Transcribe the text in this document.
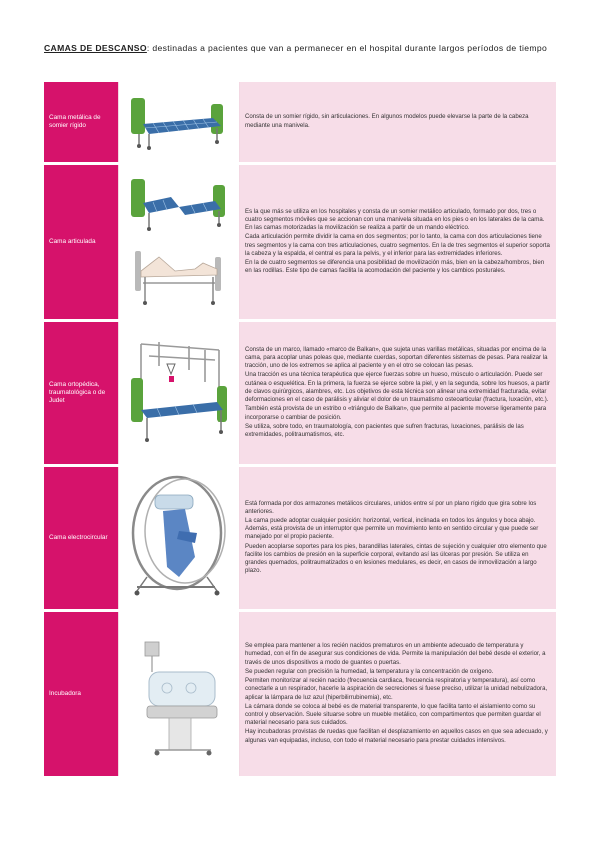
CAMAS DE DESCANSO: destinadas a pacientes que van a permanecer en el hospital durante largos períodos de tiempo
Cama metálica de somier rígido

Consta de un somier rígido, sin articulaciones. En algunos modelos puede elevarse la parte de la cabeza mediante una manivela.

Cama articulada

Es la que más se utiliza en los hospitales y consta de un somier metálico articulado, formado por dos, tres o cuatro segmentos móviles que se accionan con una manivela situada en los pies o en los laterales de la cama. En las camas motorizadas la movilización se realiza a partir de un mando eléctrico.

Cada articulación permite dividir la cama en dos segmentos; por lo tanto, la cama con dos articulaciones tiene tres segmentos y la cama con tres articulaciones, cuatro segmentos. En la de tres segmentos el superior soporta la cabeza y la espalda, el central es para la pelvis, y el inferior para las extremidades inferiores.

En la de cuatro segmentos se diferencia una posibilidad de movilización más, bien en la cabeza/hombros, bien en las rodillas. Este tipo de camas facilita la acomodación del paciente y los cambios posturales.

Cama ortopédica, traumatológica o de Judet

Consta de un marco, llamado «marco de Balkan», que sujeta unas varillas metálicas, situadas por encima de la cama, para acoplar unas poleas que, mediante cuerdas, soportan diferentes sistemas de pesas. Para realizar la tracción, uno de los extremos se aplica al paciente y en el otro se colocan las pesas.

Una tracción es una técnica terapéutica que ejerce fuerzas sobre un hueso, músculo o articulación. Puede ser cutánea o esquelética. En la primera, la fuerza se ejerce sobre la piel, y en la segunda, sobre los huesos, a partir de clavos quirúrgicos, alambres, etc. Los objetivos de esta técnica son alinear una extremidad fracturada, evitar deformaciones en el caso de parálisis y aliviar el dolor de un traumatismo osteoarticular (fractura, luxación, etc.).

También está provista de un estribo o «triángulo de Balkan», que permite al paciente moverse ligeramente para incorporarse o cambiar de posición.

Se utiliza, sobre todo, en traumatología, con pacientes que sufren fracturas, luxaciones, parálisis de las extremidades, politraumatismos, etc.

Cama electrocircular

Está formada por dos armazones metálicos circulares, unidos entre sí por un plano rígido que gira sobre los anteriores.

La cama puede adoptar cualquier posición: horizontal, vertical, inclinada en todos los ángulos y boca abajo. Además, está provista de un interruptor que permite un movimiento lento en sentido circular y que puede ser manejado por el propio paciente.

Pueden acoplarse soportes para los pies, barandillas laterales, cintas de sujeción y cualquier otro elemento que facilite los cambios de presión en la superficie corporal, evitando así las úlceras por presión. Se utiliza en grandes quemados, politraumatizados o en lesiones medulares, es decir, en casos de inmovilización a largo plazo.

Incubadora

Se emplea para mantener a los recién nacidos prematuros en un ambiente adecuado de temperatura y humedad, con el fin de asegurar sus condiciones de vida. Permite la manipulación del bebé desde el exterior, a través de unos dispositivos a modo de guantes o puertas.

Se pueden regular con precisión la humedad, la temperatura y la concentración de oxígeno.

Permiten monitorizar al recién nacido (frecuencia cardiaca, frecuencia respiratoria y temperatura), así como conectarle a un respirador, hacerle la aspiración de secreciones si fuese preciso, utilizar la unidad nebulizadora, aplicar la lámpara de luz azul (hiperbilirrubinemia), etc.

La cámara donde se coloca al bebé es de material transparente, lo que facilita tanto el aislamiento como su control y observación. Suele situarse sobre un mueble metálico, con compartimentos que permiten guardar el material necesario para sus cuidados.

Hay incubadoras provistas de ruedas que facilitan el desplazamiento en aquellos casos en que sea adecuado, y algunas van equipadas, incluso, con todo el material necesario para prestar cuidados intensivos.
